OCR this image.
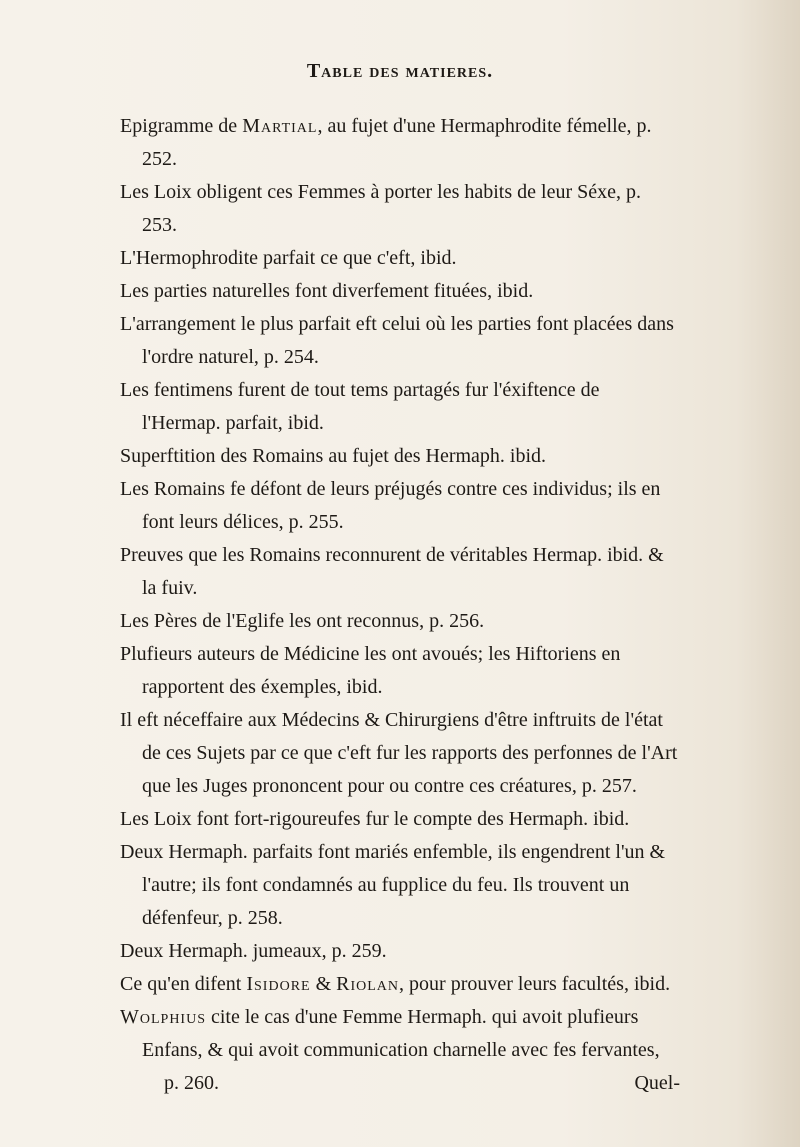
Table des matieres.
Epigramme de Martial, au fujet d'une Hermaphrodite fémelle, p. 252.
Les Loix obligent ces Femmes à porter les habits de leur Séxe, p. 253.
L'Hermophrodite parfait ce que c'eft, ibid.
Les parties naturelles font diverfement fituées, ibid.
L'arrangement le plus parfait eft celui où les parties font placées dans l'ordre naturel, p. 254.
Les fentimens furent de tout tems partagés fur l'éxiftence de l'Hermap. parfait, ibid.
Superftition des Romains au fujet des Hermaph. ibid.
Les Romains fe défont de leurs préjugés contre ces individus; ils en font leurs délices, p. 255.
Preuves que les Romains reconnurent de véritables Hermap. ibid. & la fuiv.
Les Pères de l'Eglife les ont reconnus, p. 256.
Plufieurs auteurs de Médicine les ont avoués; les Hiftoriens en rapportent des éxemples, ibid.
Il eft néceffaire aux Médecins & Chirurgiens d'être inftruits de l'état de ces Sujets par ce que c'eft fur les rapports des perfonnes de l'Art que les Juges prononcent pour ou contre ces créatures, p. 257.
Les Loix font fort-rigoureufes fur le compte des Hermaph. ibid.
Deux Hermaph. parfaits font mariés enfemble, ils engendrent l'un & l'autre; ils font condamnés au fupplice du feu. Ils trouvent un défenfeur, p. 258.
Deux Hermaph. jumeaux, p. 259.
Ce qu'en difent Isidore & Riolan, pour prouver leurs facultés, ibid.
Wolphius cite le cas d'une Femme Hermaph. qui avoit plufieurs Enfans, & qui avoit communication charnelle avec fes fervantes,
p. 260.	Quel-
